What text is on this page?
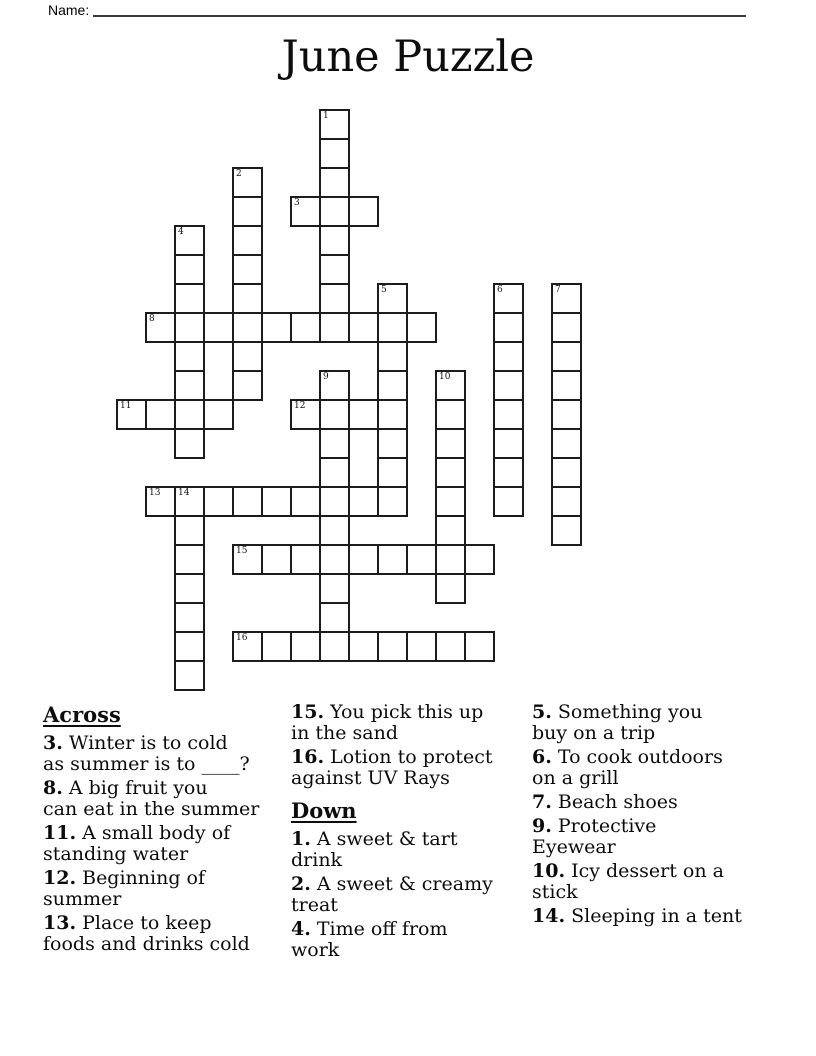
Name:
June Puzzle
1
2
3
4
5	6	7
8
9	10
11	12
13 14
15
16
Across

3. Winter is to cold
as summer is to ____?

8. A big fruit you
can eat in the summer

11. A small body of
standing water

12. Beginning of
summer

13. Place to keep
foods and drinks cold

15. You pick this up
in the sand

16. Lotion to protect
against UV Rays

Down

1. A sweet & tart
drink

2. A sweet & creamy
treat

4. Time off from
work

5. Something you
buy on a trip

6. To cook outdoors
on a grill

7. Beach shoes

9. Protective
Eyewear

10. Icy dessert on a
stick

14. Sleeping in a tent
